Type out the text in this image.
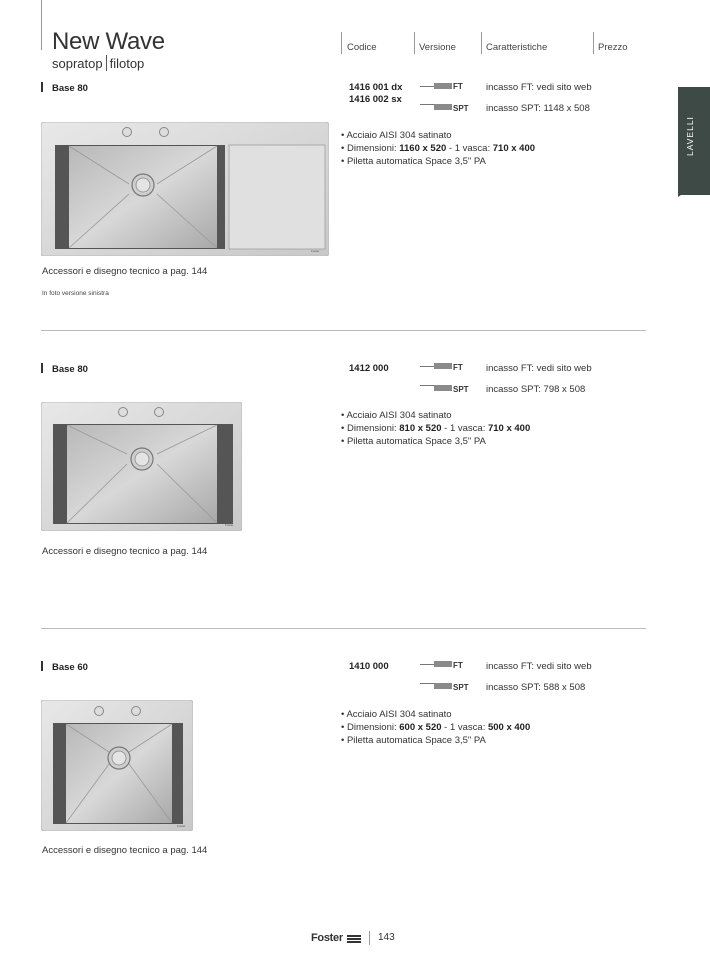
New Wave
sopratop filotop
Codice	Versione	Caratteristiche	Prezzo
LAVELLI
Base 80	1416 001 dx
1416 002 sx
FT incasso FT: vedi sito web
SPT incasso SPT: 1148 x 508
• Acciaio AISI 304 satinato
• Dimensioni: 1160 x 520 - 1 vasca: 710 x 400
• Piletta automatica Space 3,5" PA
Foster
Accessori e disegno tecnico a pag. 144
In foto versione sinistra
Base 80	1412 000	FT incasso FT: vedi sito web
SPT incasso SPT: 798 x 508
• Acciaio AISI 304 satinato
• Dimensioni: 810 x 520 - 1 vasca: 710 x 400
• Piletta automatica Space 3,5" PA
Foster
Accessori e disegno tecnico a pag. 144
Base 60	1410 000	FT incasso FT: vedi sito web
SPT incasso SPT: 588 x 508
• Acciaio AISI 304 satinato
• Dimensioni: 600 x 520 - 1 vasca: 500 x 400
• Piletta automatica Space 3,5" PA
Foster
Accessori e disegno tecnico a pag. 144
Foster	143
